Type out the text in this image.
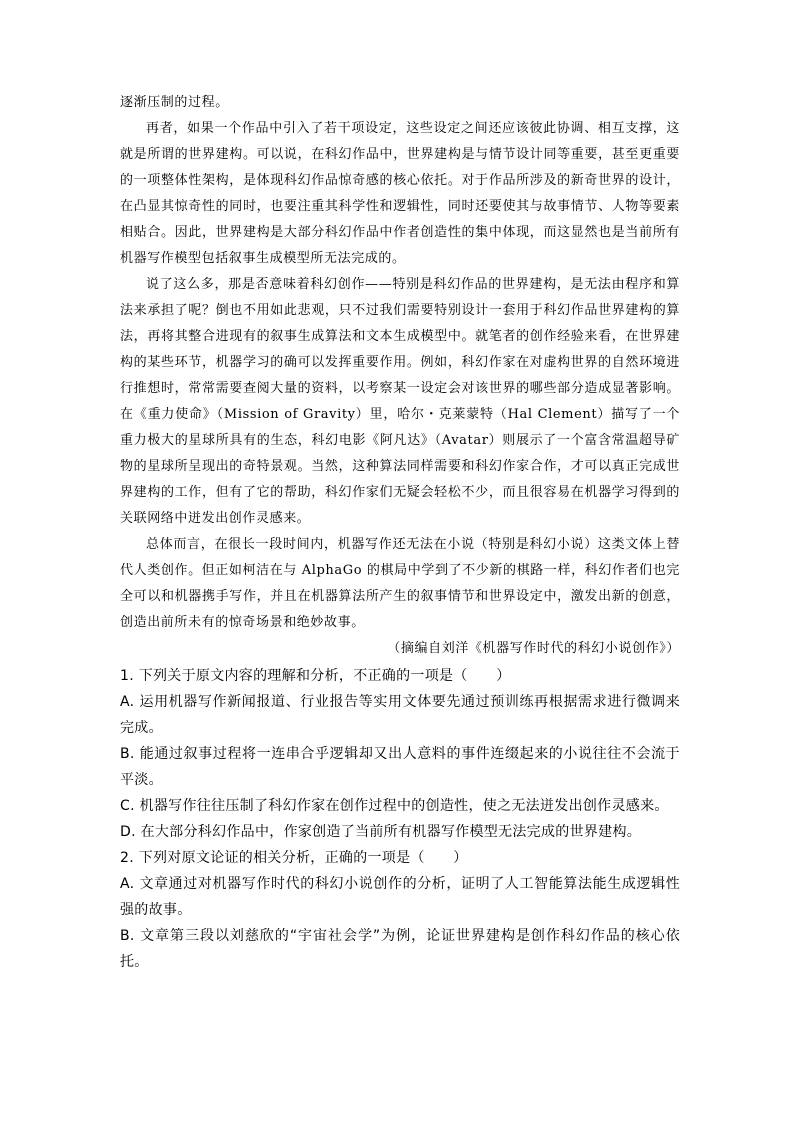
逐渐压制的过程。

再者，如果一个作品中引入了若干项设定，这些设定之间还应该彼此协调、相互支撑，这就是所谓的世界建构。可以说，在科幻作品中，世界建构是与情节设计同等重要，甚至更重要的一项整体性架构，是体现科幻作品惊奇感的核心依托。对于作品所涉及的新奇世界的设计，在凸显其惊奇性的同时，也要注重其科学性和逻辑性，同时还要使其与故事情节、人物等要素相贴合。因此，世界建构是大部分科幻作品中作者创造性的集中体现，而这显然也是当前所有机器写作模型包括叙事生成模型所无法完成的。

说了这么多，那是否意味着科幻创作——特别是科幻作品的世界建构，是无法由程序和算法来承担了呢？倒也不用如此悲观，只不过我们需要特别设计一套用于科幻作品世界建构的算法，再将其整合进现有的叙事生成算法和文本生成模型中。就笔者的创作经验来看，在世界建构的某些环节，机器学习的确可以发挥重要作用。例如，科幻作家在对虚构世界的自然环境进行推想时，常常需要查阅大量的资料，以考察某一设定会对该世界的哪些部分造成显著影响。在《重力使命》（Mission of Gravity）里，哈尔・克莱蒙特（Hal Clement）描写了一个重力极大的星球所具有的生态，科幻电影《阿凡达》（Avatar）则展示了一个富含常温超导矿物的星球所呈现出的奇特景观。当然，这种算法同样需要和科幻作家合作，才可以真正完成世界建构的工作，但有了它的帮助，科幻作家们无疑会轻松不少，而且很容易在机器学习得到的关联网络中迸发出创作灵感来。

总体而言，在很长一段时间内，机器写作还无法在小说（特别是科幻小说）这类文体上替代人类创作。但正如柯洁在与 AlphaGo 的棋局中学到了不少新的棋路一样，科幻作者们也完全可以和机器携手写作，并且在机器算法所产生的叙事情节和世界设定中，激发出新的创意，创造出前所未有的惊奇场景和绝妙故事。

（摘编自刘洋《机器写作时代的科幻小说创作》）

1. 下列关于原文内容的理解和分析，不正确的一项是（　　）

A. 运用机器写作新闻报道、行业报告等实用文体要先通过预训练再根据需求进行微调来完成。

B. 能通过叙事过程将一连串合乎逻辑却又出人意料的事件连缀起来的小说往往不会流于平淡。

C. 机器写作往往压制了科幻作家在创作过程中的创造性，使之无法迸发出创作灵感来。

D. 在大部分科幻作品中，作家创造了当前所有机器写作模型无法完成的世界建构。

2. 下列对原文论证的相关分析，正确的一项是（　　）

A. 文章通过对机器写作时代的科幻小说创作的分析，证明了人工智能算法能生成逻辑性强的故事。

B. 文章第三段以刘慈欣的“宇宙社会学”为例，论证世界建构是创作科幻作品的核心依托。
